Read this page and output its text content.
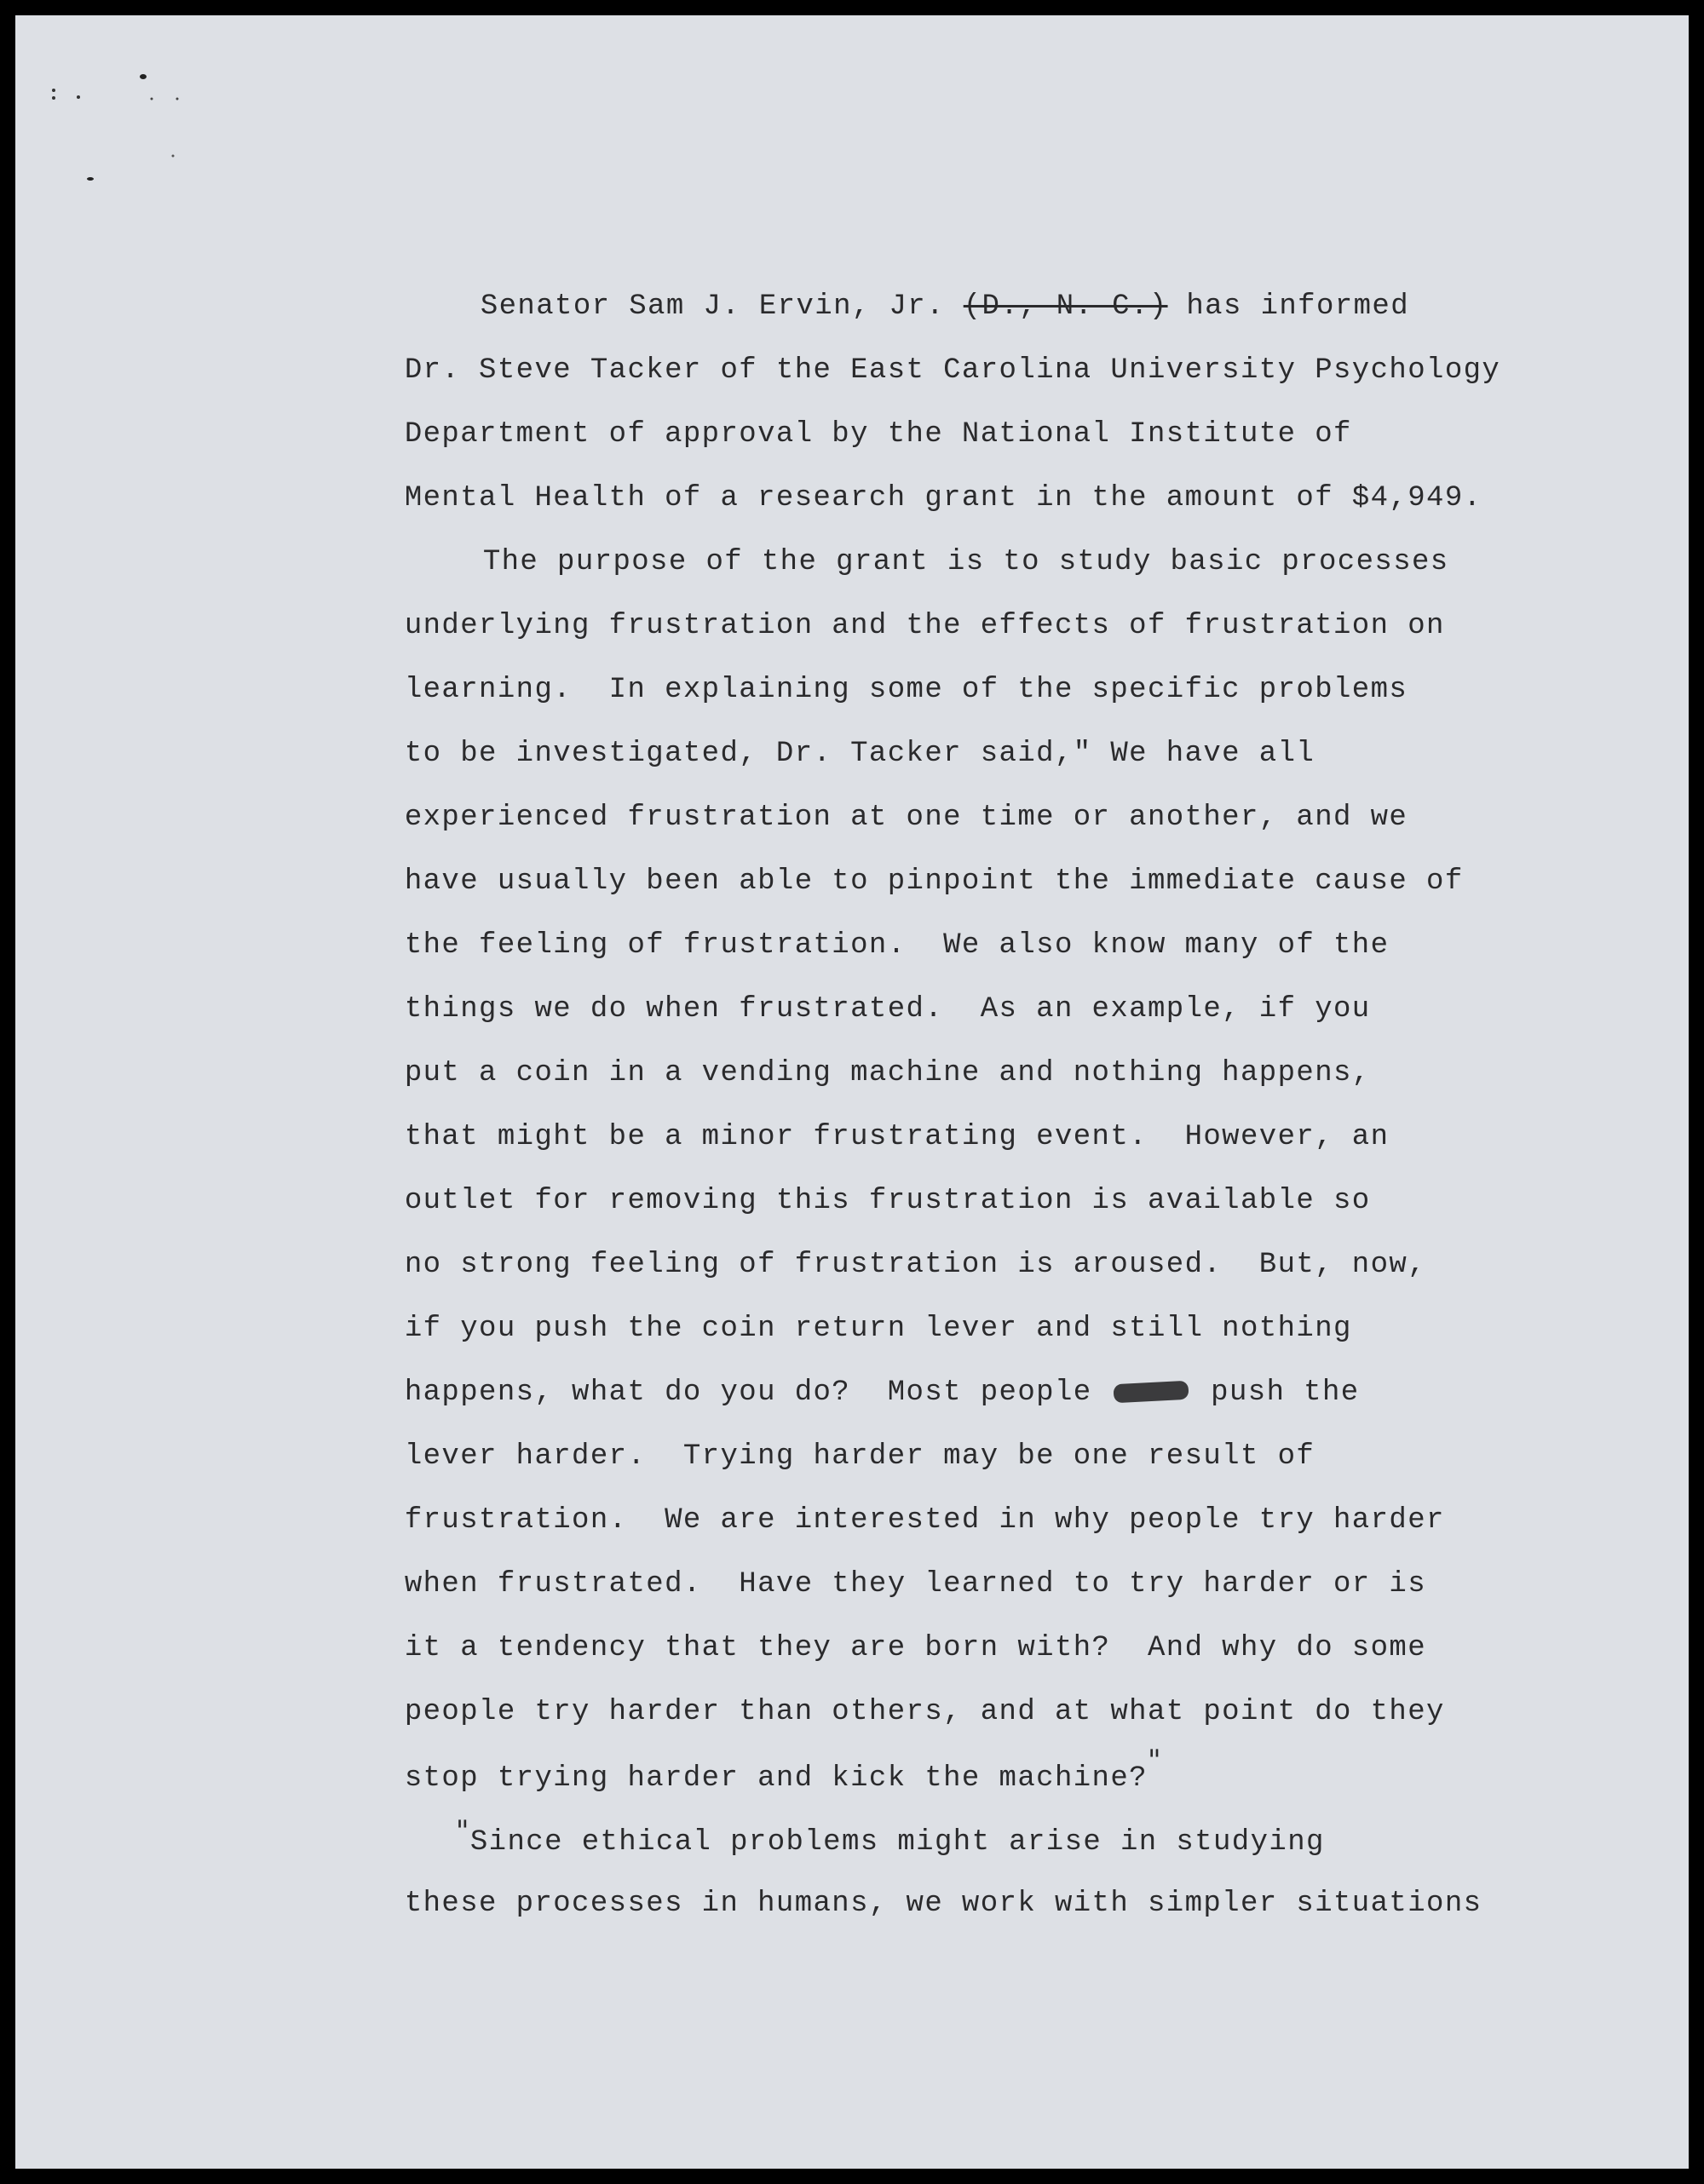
Senator Sam J. Ervin, Jr. (D., N. C.) has informed

Dr. Steve Tacker of the East Carolina University Psychology

Department of approval by the National Institute of

Mental Health of a research grant in the amount of $4,949.

The purpose of the grant is to study basic processes

underlying frustration and the effects of frustration on

learning.  In explaining some of the specific problems

to be investigated, Dr. Tacker said," We have all

experienced frustration at one time or another, and we

have usually been able to pinpoint the immediate cause of

the feeling of frustration.  We also know many of the

things we do when frustrated.  As an example, if you

put a coin in a vending machine and nothing happens,

that might be a minor frustrating event.  However, an

outlet for removing this frustration is available so

no strong feeling of frustration is aroused.  But, now,

if you push the coin return lever and still nothing

happens, what do you do?  Most people	push the

lever harder.  Trying harder may be one result of

frustration.  We are interested in why people try harder

when frustrated.  Have they learned to try harder or is

it a tendency that they are born with?  And why do some

people try harder than others, and at what point do they

stop trying harder and kick the machine?"

"Since ethical problems might arise in studying

these processes in humans, we work with simpler situations
